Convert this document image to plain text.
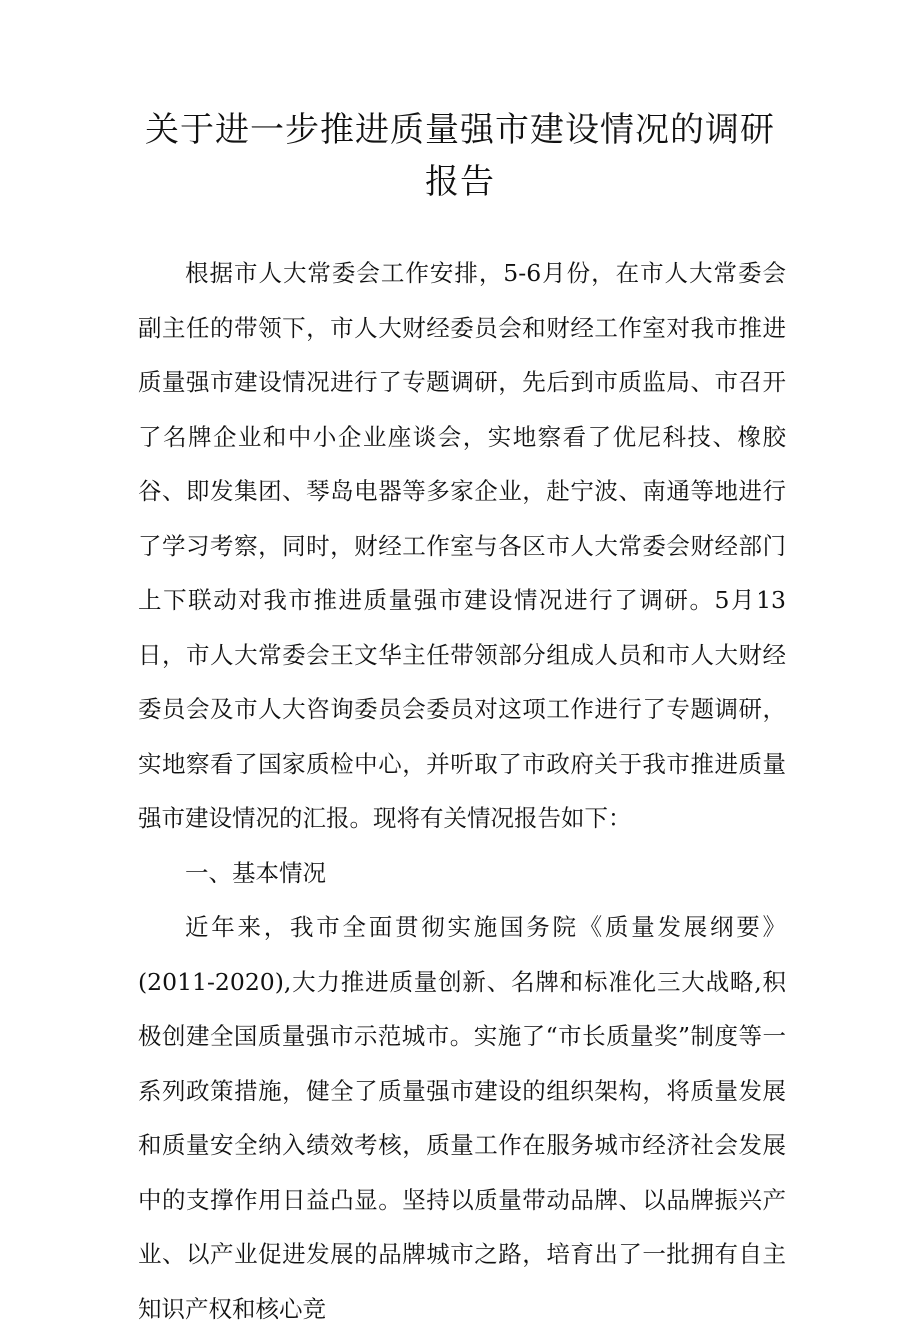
关于进一步推进质量强市建设情况的调研
报告

根据市人大常委会工作安排，5-6月份，在市人大常委会副主任的带领下，市人大财经委员会和财经工作室对我市推进质量强市建设情况进行了专题调研，先后到市质监局、市召开了名牌企业和中小企业座谈会，实地察看了优尼科技、橡胶谷、即发集团、琴岛电器等多家企业，赴宁波、南通等地进行了学习考察，同时，财经工作室与各区市人大常委会财经部门上下联动对我市推进质量强市建设情况进行了调研。5月13日，市人大常委会王文华主任带领部分组成人员和市人大财经委员会及市人大咨询委员会委员对这项工作进行了专题调研，实地察看了国家质检中心，并听取了市政府关于我市推进质量强市建设情况的汇报。现将有关情况报告如下：

一、基本情况

近年来，我市全面贯彻实施国务院《质量发展纲要》(2011-2020),大力推进质量创新、名牌和标准化三大战略,积极创建全国质量强市示范城市。实施了“市长质量奖”制度等一系列政策措施，健全了质量强市建设的组织架构，将质量发展和质量安全纳入绩效考核，质量工作在服务城市经济社会发展中的支撑作用日益凸显。坚持以质量带动品牌、以品牌振兴产业、以产业促进发展的品牌城市之路，培育出了一批拥有自主知识产权和核心竞
